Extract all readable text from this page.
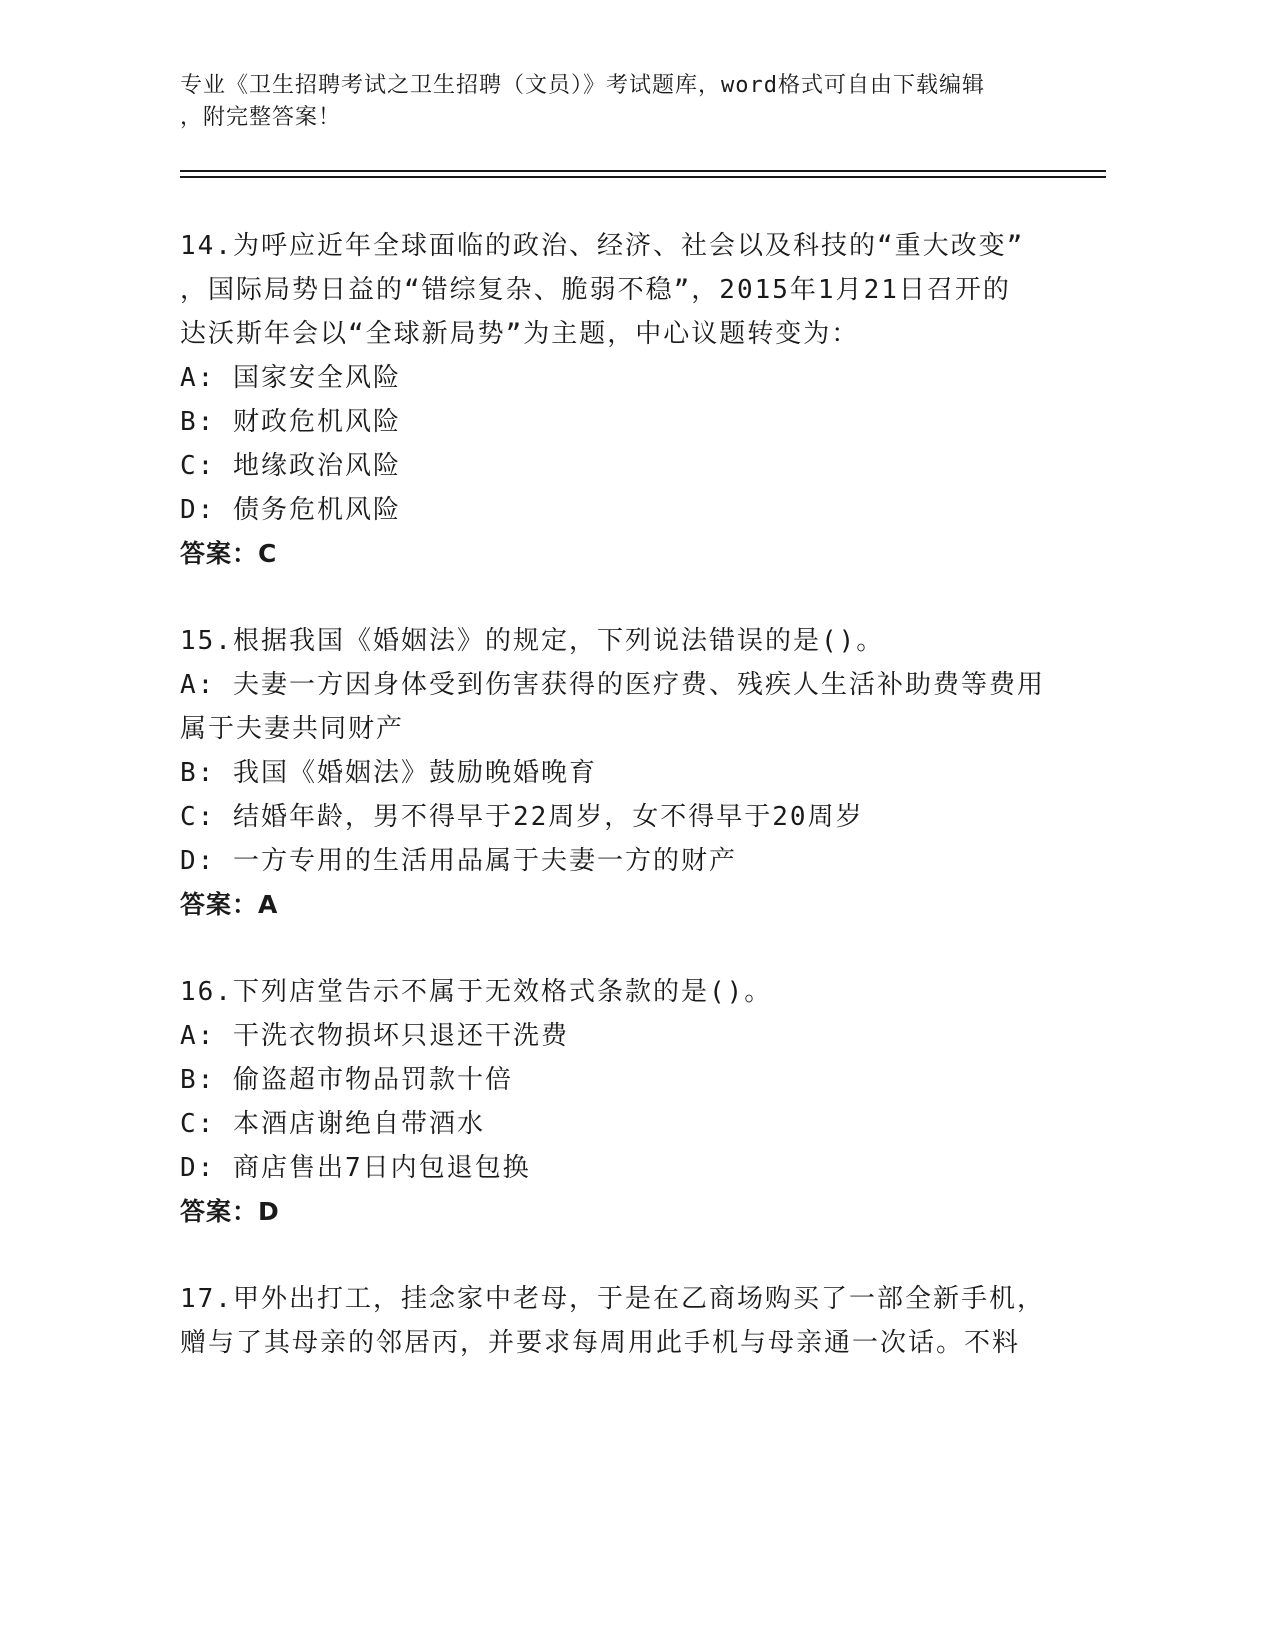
专业《卫生招聘考试之卫生招聘（文员）》考试题库，word格式可自由下载编辑
，附完整答案！
14.为呼应近年全球面临的政治、经济、社会以及科技的“重大改变”
，国际局势日益的“错综复杂、脆弱不稳”，2015年1月21日召开的
达沃斯年会以“全球新局势”为主题，中心议题转变为：
A: 国家安全风险
B: 财政危机风险
C: 地缘政治风险
D: 债务危机风险
答案：C
15.根据我国《婚姻法》的规定，下列说法错误的是()。
A: 夫妻一方因身体受到伤害获得的医疗费、残疾人生活补助费等费用
属于夫妻共同财产
B: 我国《婚姻法》鼓励晚婚晚育
C: 结婚年龄，男不得早于22周岁，女不得早于20周岁
D: 一方专用的生活用品属于夫妻一方的财产
答案：A
16.下列店堂告示不属于无效格式条款的是()。
A: 干洗衣物损坏只退还干洗费
B: 偷盗超市物品罚款十倍
C: 本酒店谢绝自带酒水
D: 商店售出7日内包退包换
答案：D
17.甲外出打工，挂念家中老母，于是在乙商场购买了一部全新手机，
赠与了其母亲的邻居丙，并要求每周用此手机与母亲通一次话。不料
